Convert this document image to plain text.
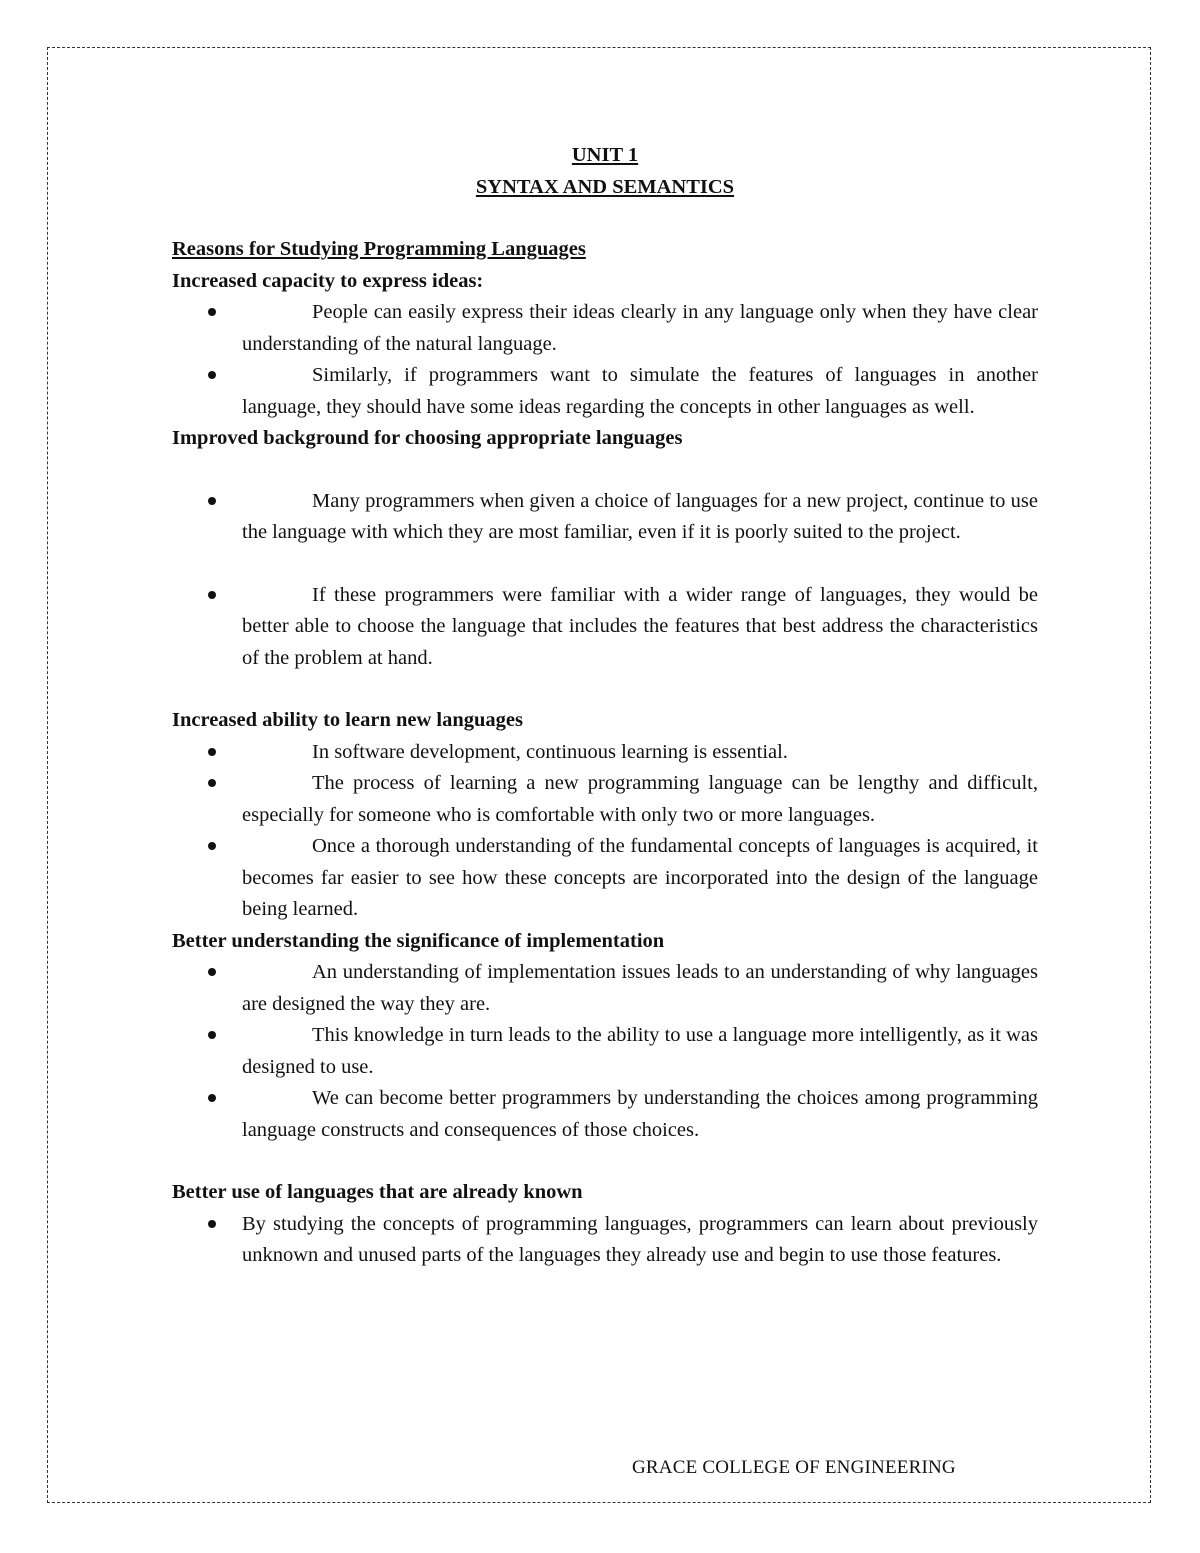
UNIT 1

SYNTAX AND SEMANTICS

Reasons for Studying Programming Languages

Increased capacity to express ideas:

People can easily express their ideas clearly in any language only when they have clear understanding of the natural language.
Similarly, if programmers want to simulate the features of languages in another language, they should have some ideas regarding the concepts in other languages as well.

Improved background for choosing appropriate languages

Many programmers when given a choice of languages for a new project, continue to use the language with which they are most familiar, even if it is poorly suited to the project.
If these programmers were familiar with a wider range of languages, they would be better able to choose the language that includes the features that best address the characteristics of the problem at hand.

Increased ability to learn new languages

In software development, continuous learning is essential.
The process of learning a new programming language can be lengthy and difficult, especially for someone who is comfortable with only two or more languages.
Once a thorough understanding of the fundamental concepts of languages is acquired, it becomes far easier to see how these concepts are incorporated into the design of the language being learned.

Better understanding the significance of implementation

An understanding of implementation issues leads to an understanding of why languages are designed the way they are.
This knowledge in turn leads to the ability to use a language more intelligently, as it was designed to use.
We can become better programmers by understanding the choices among programming language constructs and consequences of those choices.

Better use of languages that are already known

By studying the concepts of programming languages, programmers can learn about previously unknown and unused parts of the languages they already use and begin to use those features.
GRACE COLLEGE OF ENGINEERING
